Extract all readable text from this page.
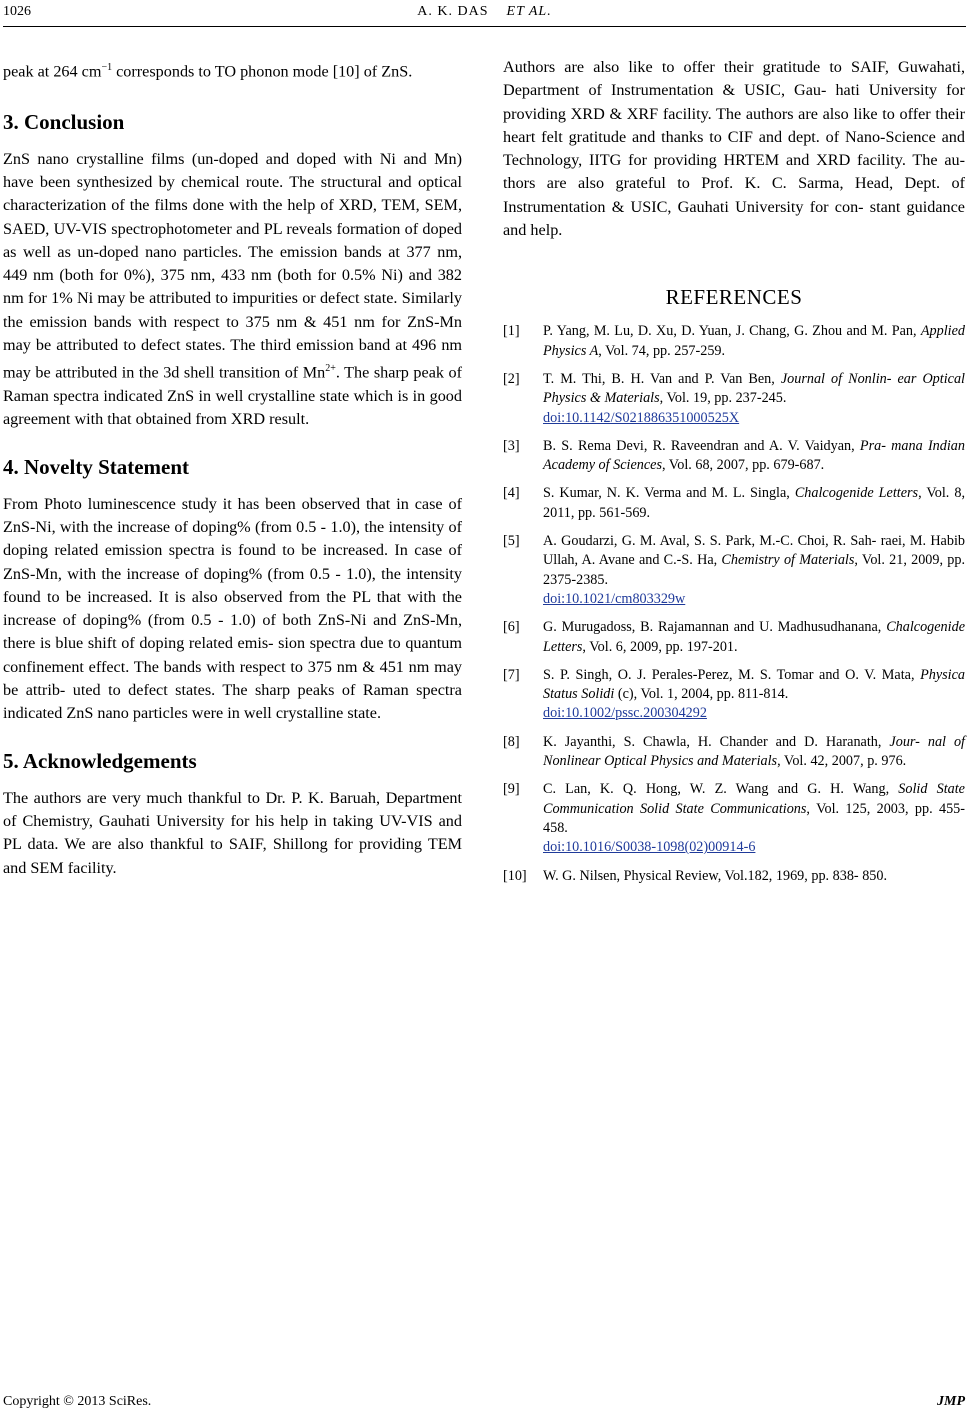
1026	A. K. DAS ET AL.

peak at 264 $cm^{-1}$ corresponds to TO phonon mode [10] of ZnS.

3. Conclusion

ZnS nano crystalline films (un-doped and doped with Ni and Mn) have been synthesized by chemical route. The structural and optical characterization of the films done with the help of XRD, TEM, SEM, SAED, UV-VIS spectrophotometer and PL reveals formation of doped as well as un-doped nano particles. The emission bands at 377 nm, 449 nm (both for 0%), 375 nm, 433 nm (both for 0.5% Ni) and 382 nm for 1% Ni may be attributed to impurities or defect state. Similarly the emission bands with respect to 375 nm & 451 nm for ZnS-Mn may be attributed to defect states. The third emission band at 496 nm may be attributed in the 3d shell transition of $Mn^{2+}$. The sharp peak of Raman spectra indicated ZnS in well crystalline state which is in good agreement with that obtained from XRD result.

4. Novelty Statement

From Photo luminescence study it has been observed that in case of ZnS-Ni, with the increase of doping% (from 0.5 - 1.0), the intensity of doping related emission spectra is found to be increased. In case of ZnS-Mn, with the increase of doping% (from 0.5 - 1.0), the intensity found to be increased. It is also observed from the PL that with the increase of doping% (from 0.5 - 1.0) of both ZnS-Ni and ZnS-Mn, there is blue shift of doping related emis- sion spectra due to quantum confinement effect. The bands with respect to 375 nm & 451 nm may be attrib- uted to defect states. The sharp peaks of Raman spectra indicated ZnS nano particles were in well crystalline state.

5. Acknowledgements

The authors are very much thankful to Dr. P. K. Baruah, Department of Chemistry, Gauhati University for his help in taking UV-VIS and PL data. We are also thankful to SAIF, Shillong for providing TEM and SEM facility.

Authors are also like to offer their gratitude to SAIF, Guwahati, Department of Instrumentation & USIC, Gau- hati University for providing XRD & XRF facility. The authors are also like to offer their heart felt gratitude and thanks to CIF and dept. of Nano-Science and Technology, IITG for providing HRTEM and XRD facility. The au- thors are also grateful to Prof. K. C. Sarma, Head, Dept. of Instrumentation & USIC, Gauhati University for con- stant guidance and help.

REFERENCES
[1]	P. Yang, M. Lu, D. Xu, D. Yuan, J. Chang, G. Zhou and M. Pan, Applied Physics A, Vol. 74, pp. 257-259.
[2]	T. M. Thi, B. H. Van and P. Van Ben, Journal of Nonlin- ear Optical Physics & Materials, Vol. 19, pp. 237-245.
doi:10.1142/S021886351000525X
[3]	B. S. Rema Devi, R. Raveendran and A. V. Vaidyan, Pra- mana Indian Academy of Sciences, Vol. 68, 2007, pp. 679-687.
[4]	S. Kumar, N. K. Verma and M. L. Singla, Chalcogenide Letters, Vol. 8, 2011, pp. 561-569.
[5]	A. Goudarzi, G. M. Aval, S. S. Park, M.-C. Choi, R. Sah- raei, M. Habib Ullah, A. Avane and C.-S. Ha, Chemistry of Materials, Vol. 21, 2009, pp. 2375-2385.
doi:10.1021/cm803329w
[6]	G. Murugadoss, B. Rajamannan and U. Madhusudhanana, Chalcogenide Letters, Vol. 6, 2009, pp. 197-201.
[7]	S. P. Singh, O. J. Perales-Perez, M. S. Tomar and O. V. Mata, Physica Status Solidi (c), Vol. 1, 2004, pp. 811-814.
doi:10.1002/pssc.200304292
[8]	K. Jayanthi, S. Chawla, H. Chander and D. Haranath, Jour- nal of Nonlinear Optical Physics and Materials, Vol. 42, 2007, p. 976.
[9]	C. Lan, K. Q. Hong, W. Z. Wang and G. H. Wang, Solid State Communication Solid State Communications, Vol. 125, 2003, pp. 455-458.
doi:10.1016/S0038-1098(02)00914-6
[10]	W. G. Nilsen, Physical Review, Vol.182, 1969, pp. 838- 850.
Copyright © 2013 SciRes.	JMP
